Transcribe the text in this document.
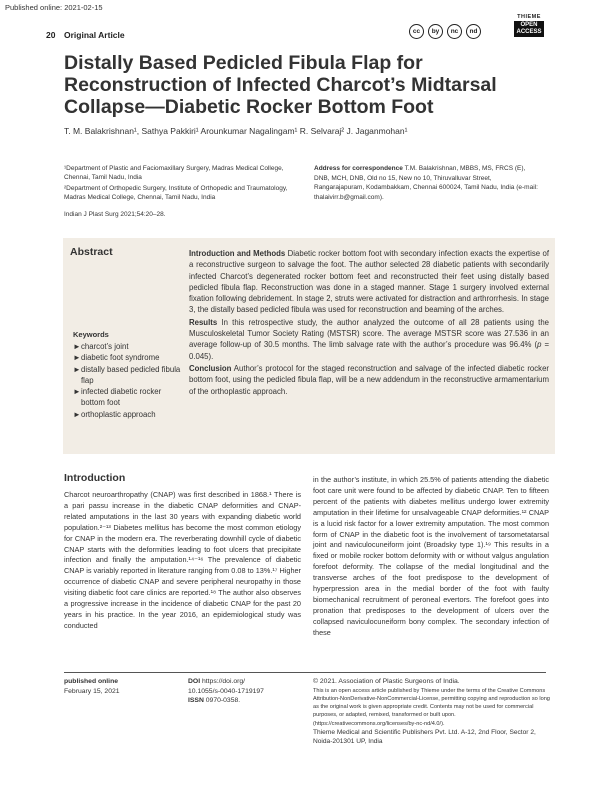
Published online: 2021-02-15
20 Original Article	cc	by	nc	nd
THIEME
OPEN
ACCESS
Distally Based Pedicled Fibula Flap for Reconstruction of Infected Charcot’s Midtarsal Collapse—Diabetic Rocker Bottom Foot
T. M. Balakrishnan¹, Sathya Pakkiri¹ Arounkumar Nagalingam¹ R. Selvaraj² J. Jaganmohan¹
¹Department of Plastic and Faciomaxillary Surgery, Madras Medical College, Chennai, Tamil Nadu, India
²Department of Orthopedic Surgery, Institute of Orthopedic and Traumatology, Madras Medical College, Chennai, Tamil Nadu, India
Address for correspondence T.M. Balakrishnan, MBBS, MS, FRCS (E), DNB, MCH, DNB, Old no 15, New no 10, Thiruvalluvar Street, Rangarajapuram, Kodambakkam, Chennai 600024, Tamil Nadu, India (e-mail: thalaivirr.b@gmail.com).
Indian J Plast Surg 2021;54:20–28.
Abstract
Keywords
► charcot’s joint
► diabetic foot syndrome
► distally based pedicled fibula flap
► infected diabetic rocker bottom foot
► orthoplastic approach

Introduction and Methods Diabetic rocker bottom foot with secondary infection exacts the expertise of a reconstructive surgeon to salvage the foot. The author selected 28 diabetic patients with secondarily infected Charcot’s degenerated rocker bottom feet and reconstructed their feet using distally based pedicled fibula flap. Reconstruction was done in a staged manner. Stage 1 surgery involved external fixation following debridement. In stage 2, struts were activated for distraction and arthrorrhesis. In stage 3, the distally based pedicled fibula was used for reconstruction and beaming of the arches.

Results In this retrospective study, the author analyzed the outcome of all 28 patients using the Musculoskeletal Tumor Society Rating (MSTSR) score. The average MSTSR score was 27.536 in an average follow-up of 30.5 months. The limb salvage rate with the author’s procedure was 96.4% (p = 0.045).

Conclusion Author’s protocol for the staged reconstruction and salvage of the infected diabetic rocker bottom foot, using the pedicled fibula flap, will be a new addendum in the reconstructive armamentarium of the orthoplastic approach.

Introduction

Charcot neuroarthropathy (CNAP) was first described in 1868.¹ There is a pari passu increase in the diabetic CNAP deformities and CNAP-related amputations in the last 30 years with expanding diabetic world population.²⁻¹³ Diabetes mellitus has become the most common etiology for CNAP in the modern era. The reverberating downhill cycle of diabetic CNAP starts with the deformities leading to foot ulcers that precipitate infection and finally the amputation.¹⁴⁻¹⁶ The prevalence of diabetic CNAP is variably reported in literature ranging from 0.08 to 13%.¹⁷ Higher occurrence of diabetic CNAP and severe peripheral neuropathy in those visiting diabetic foot care clinics are reported.¹⁸ The author also observes a progressive increase in the incidence of diabetic CNAP for the past 20 years in his practice. In the year 2016, an epidemiological study was conducted

in the author’s institute, in which 25.5% of patients attending the diabetic foot care unit were found to be affected by diabetic CNAP. Ten to fifteen percent of the patients with diabetes mellitus undergo lower extremity amputation in their lifetime for unsalvageable CNAP deformities.¹² CNAP is a lucid risk factor for a lower extremity amputation. The most common form of CNAP in the diabetic foot is the involvement of tarsometatarsal joint and naviculocuneiform joint (Broadsky type 1).¹⁹ This results in a fixed or mobile rocker bottom deformity with or without valgus angulation forefoot deformity. The collapse of the medial longitudinal and the transverse arches of the foot predispose to the development of hyperpression area in the medial border of the foot with faulty biomechanical recruitment of peroneal evertors. The forefoot goes into pronation that predisposes to the development of ulcers over the collapsed naviculocuneiform bony complex. The secondary infection of these

published online
February 15, 2021
DOI https://doi.org/
10.1055/s-0040-1719197
ISSN 0970-0358.
© 2021. Association of Plastic Surgeons of India.
This is an open access article published by Thieme under the terms of the Creative Commons Attribution-NonDerivative-NonCommercial-License, permitting copying and reproduction so long as the original work is given appropriate credit. Contents may not be used for commercial purposes, or adapted, remixed, transformed or built upon. (https://creativecommons.org/licenses/by-nc-nd/4.0/).
Thieme Medical and Scientific Publishers Pvt. Ltd. A-12, 2nd Floor, Sector 2, Noida-201301 UP, India
